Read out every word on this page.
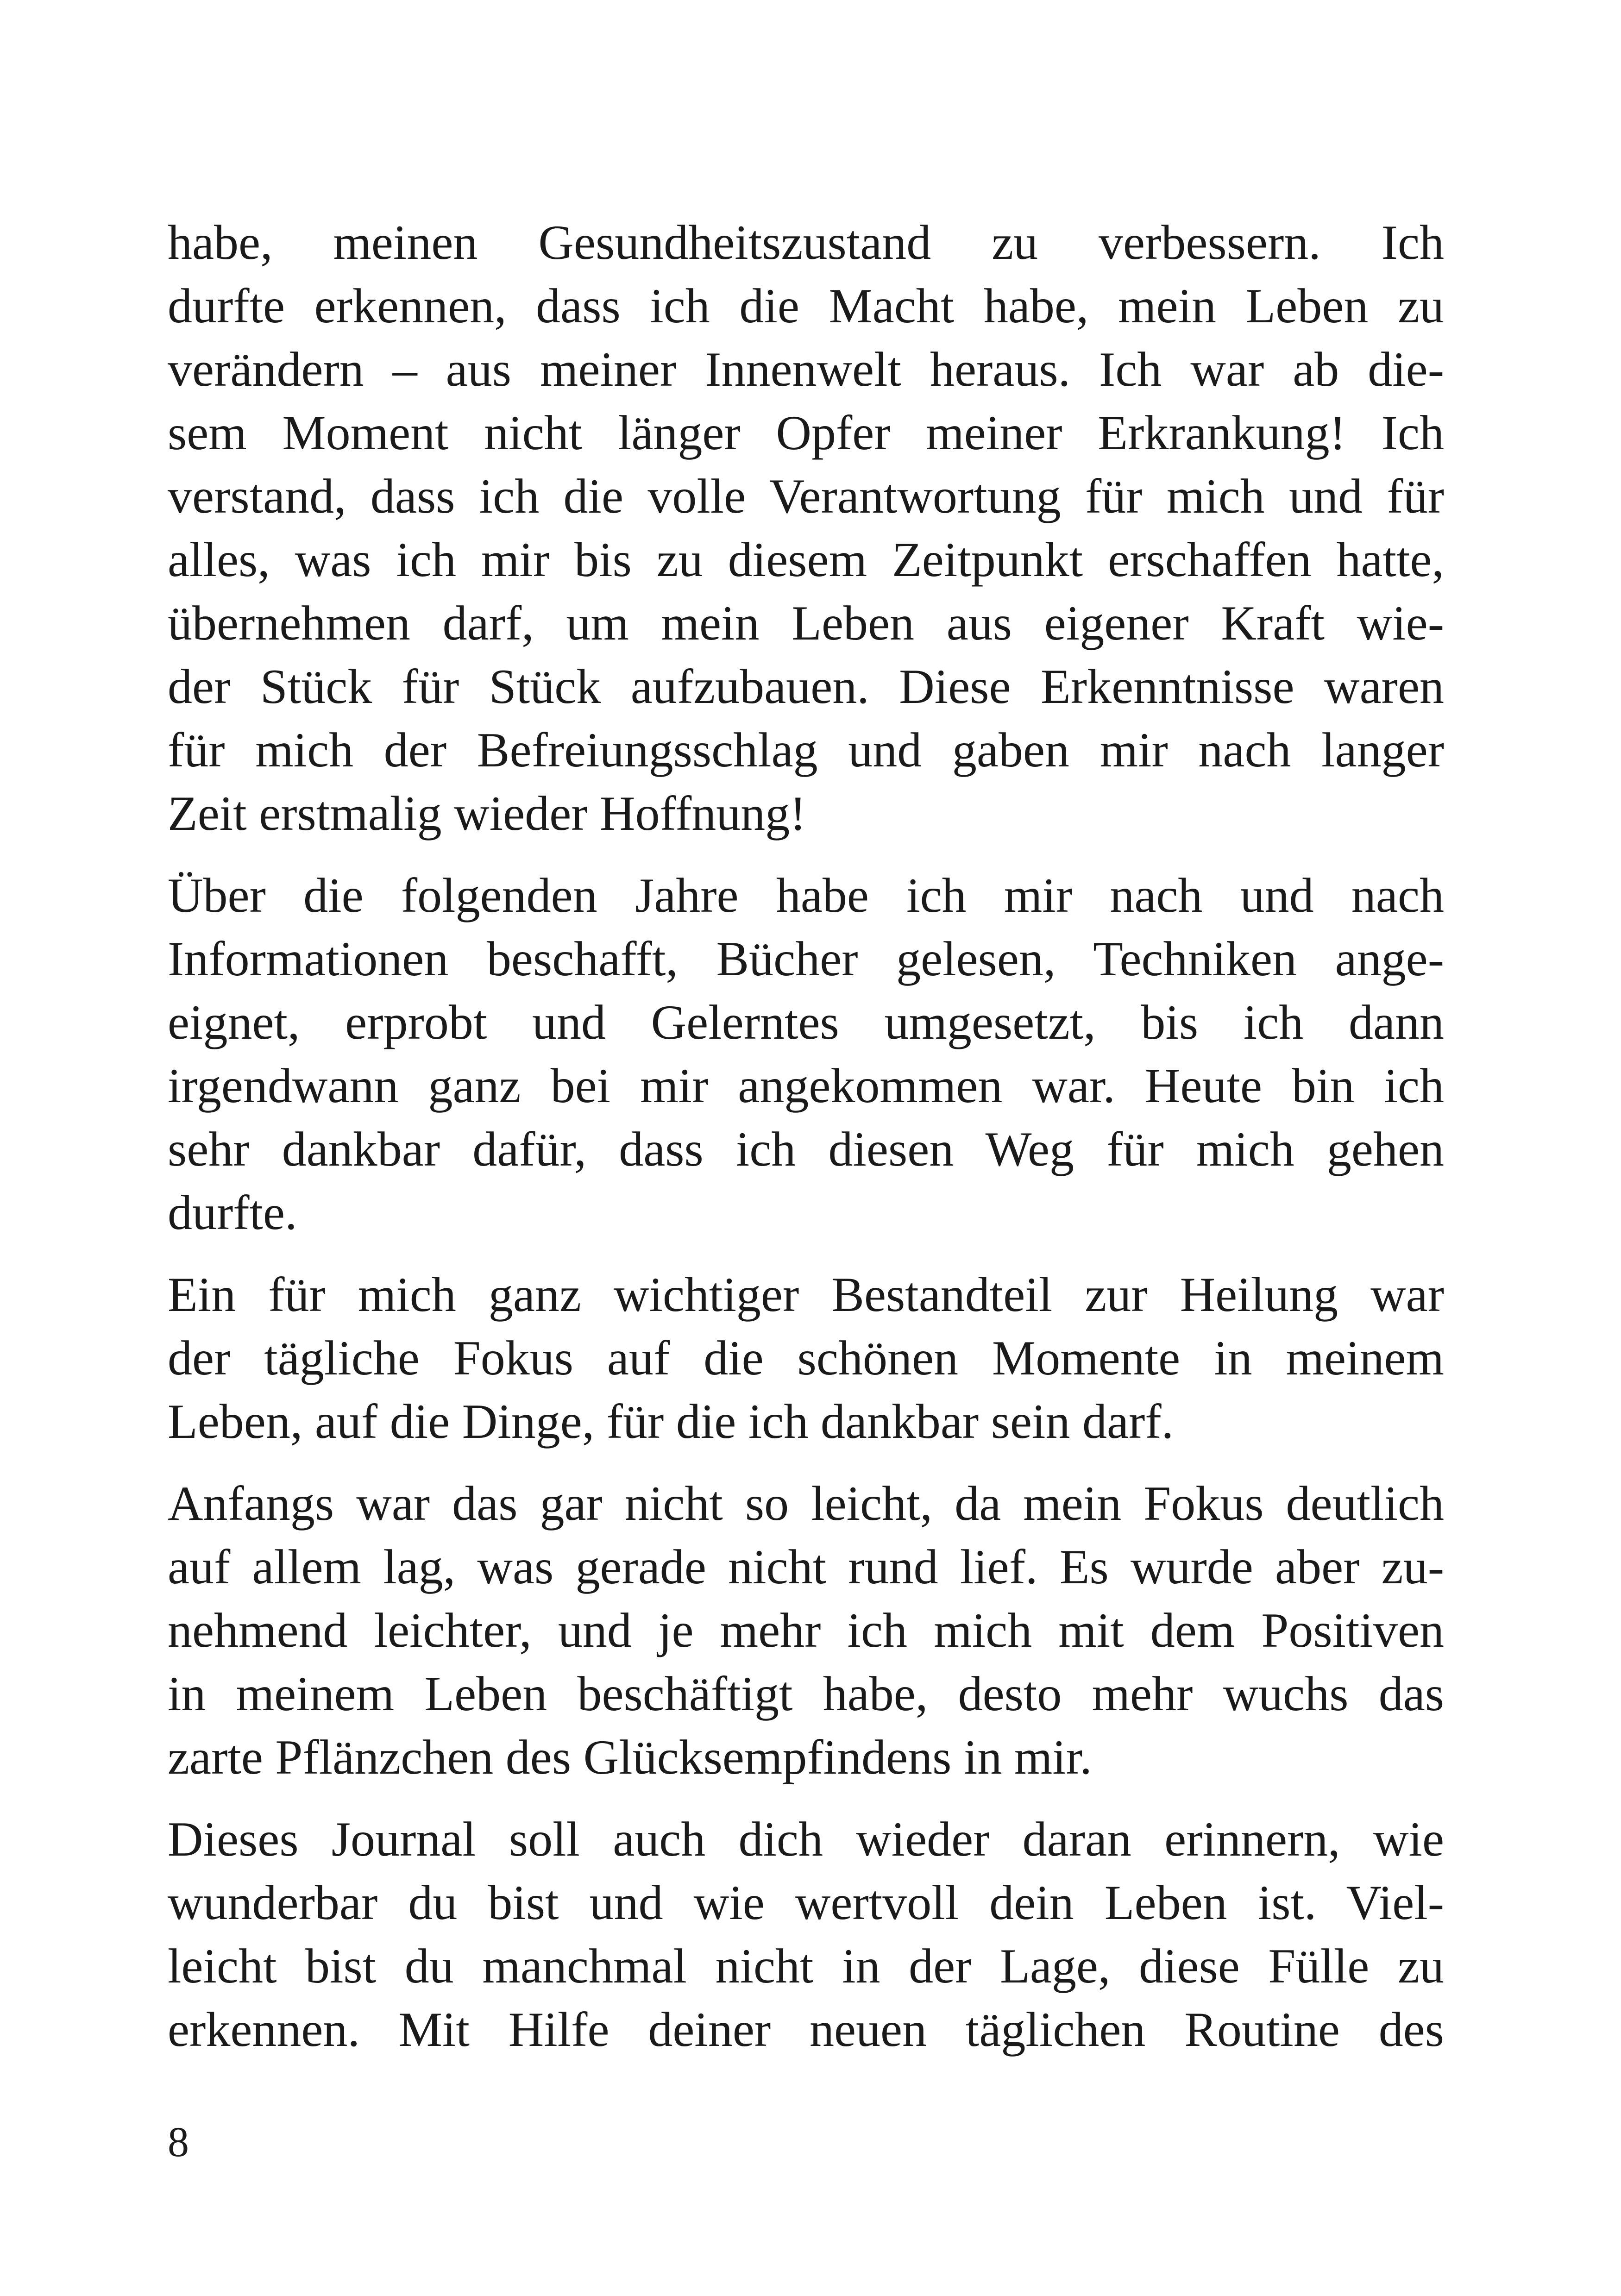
habe, meinen Gesundheitszustand zu verbessern. Ich
durfte erkennen, dass ich die Macht habe, mein Leben zu
verändern – aus meiner Innenwelt heraus. Ich war ab die-
sem Moment nicht länger Opfer meiner Erkrankung! Ich
verstand, dass ich die volle Verantwortung für mich und für
alles, was ich mir bis zu diesem Zeitpunkt erschaffen hatte,
übernehmen darf, um mein Leben aus eigener Kraft wie-
der Stück für Stück aufzubauen. Diese Erkenntnisse waren
für mich der Befreiungsschlag und gaben mir nach langer
Zeit erstmalig wieder Hoffnung!
Über die folgenden Jahre habe ich mir nach und nach
Informationen beschafft, Bücher gelesen, Techniken ange-
eignet, erprobt und Gelerntes umgesetzt, bis ich dann
irgendwann ganz bei mir angekommen war. Heute bin ich
sehr dankbar dafür, dass ich diesen Weg für mich gehen
durfte.
Ein für mich ganz wichtiger Bestandteil zur Heilung war
der tägliche Fokus auf die schönen Momente in meinem
Leben, auf die Dinge, für die ich dankbar sein darf.
Anfangs war das gar nicht so leicht, da mein Fokus deutlich
auf allem lag, was gerade nicht rund lief. Es wurde aber zu-
nehmend leichter, und je mehr ich mich mit dem Positiven
in meinem Leben beschäftigt habe, desto mehr wuchs das
zarte Pflänzchen des Glücksempfindens in mir.
Dieses Journal soll auch dich wieder daran erinnern, wie
wunderbar du bist und wie wertvoll dein Leben ist. Viel-
leicht bist du manchmal nicht in der Lage, diese Fülle zu
erkennen. Mit Hilfe deiner neuen täglichen Routine des
8
